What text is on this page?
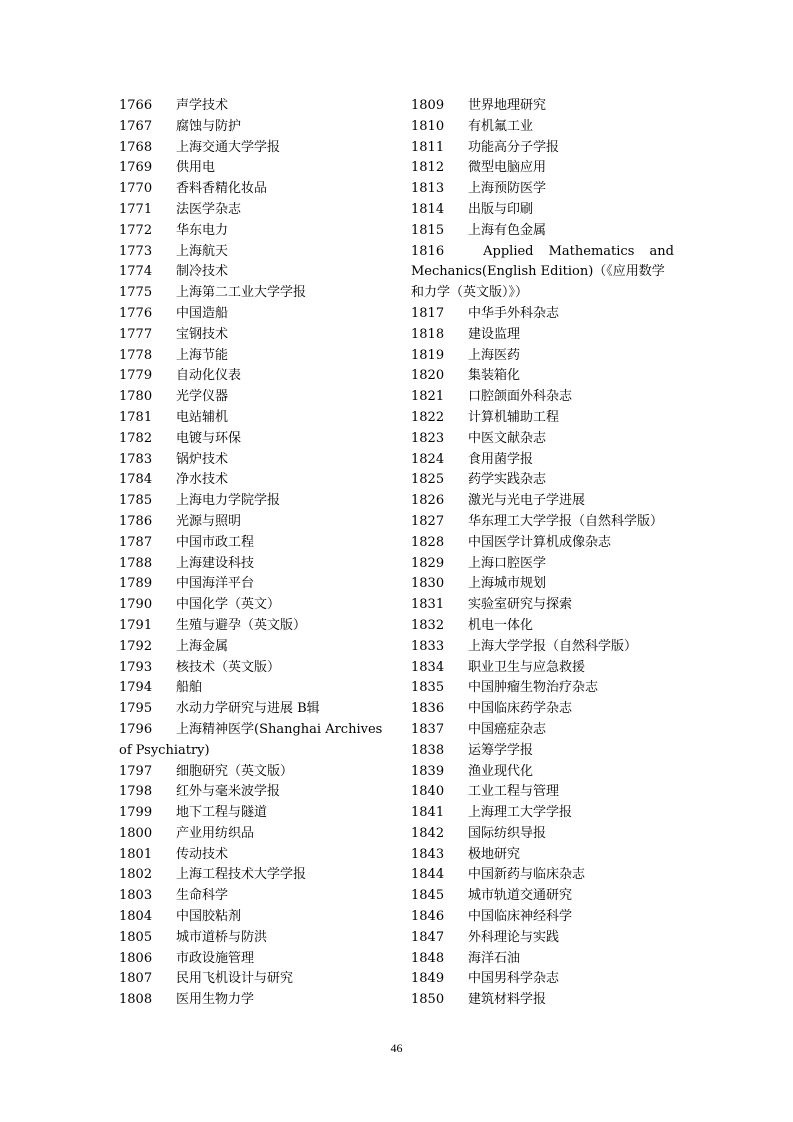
1766	声学技术
1767	腐蚀与防护
1768	上海交通大学学报
1769	供用电
1770	香料香精化妆品
1771	法医学杂志
1772	华东电力
1773	上海航天
1774	制冷技术
1775	上海第二工业大学学报
1776	中国造船
1777	宝钢技术
1778	上海节能
1779	自动化仪表
1780	光学仪器
1781	电站辅机
1782	电镀与环保
1783	锅炉技术
1784	净水技术
1785	上海电力学院学报
1786	光源与照明
1787	中国市政工程
1788	上海建设科技
1789	中国海洋平台
1790	中国化学（英文）
1791	生殖与避孕（英文版）
1792	上海金属
1793	核技术（英文版）
1794	船舶
1795	水动力学研究与进展 B辑
1796	上海精神医学(Shanghai Archives
of Psychiatry)
1797	细胞研究（英文版）
1798	红外与毫米波学报
1799	地下工程与隧道
1800	产业用纺织品
1801	传动技术
1802	上海工程技术大学学报
1803	生命科学
1804	中国胶粘剂
1805	城市道桥与防洪
1806	市政设施管理
1807	民用飞机设计与研究
1808	医用生物力学
1809	世界地理研究
1810	有机氟工业
1811	功能高分子学报
1812	微型电脑应用
1813	上海预防医学
1814	出版与印刷
1815	上海有色金属
1816	Applied Mathematics and
Mechanics(English Edition)（《应用数学
和力学（英文版）》）
1817	中华手外科杂志
1818	建设监理
1819	上海医药
1820	集装箱化
1821	口腔颌面外科杂志
1822	计算机辅助工程
1823	中医文献杂志
1824	食用菌学报
1825	药学实践杂志
1826	激光与光电子学进展
1827	华东理工大学学报（自然科学版）
1828	中国医学计算机成像杂志
1829	上海口腔医学
1830	上海城市规划
1831	实验室研究与探索
1832	机电一体化
1833	上海大学学报（自然科学版）
1834	职业卫生与应急救援
1835	中国肿瘤生物治疗杂志
1836	中国临床药学杂志
1837	中国癌症杂志
1838	运筹学学报
1839	渔业现代化
1840	工业工程与管理
1841	上海理工大学学报
1842	国际纺织导报
1843	极地研究
1844	中国新药与临床杂志
1845	城市轨道交通研究
1846	中国临床神经科学
1847	外科理论与实践
1848	海洋石油
1849	中国男科学杂志
1850	建筑材料学报
46
